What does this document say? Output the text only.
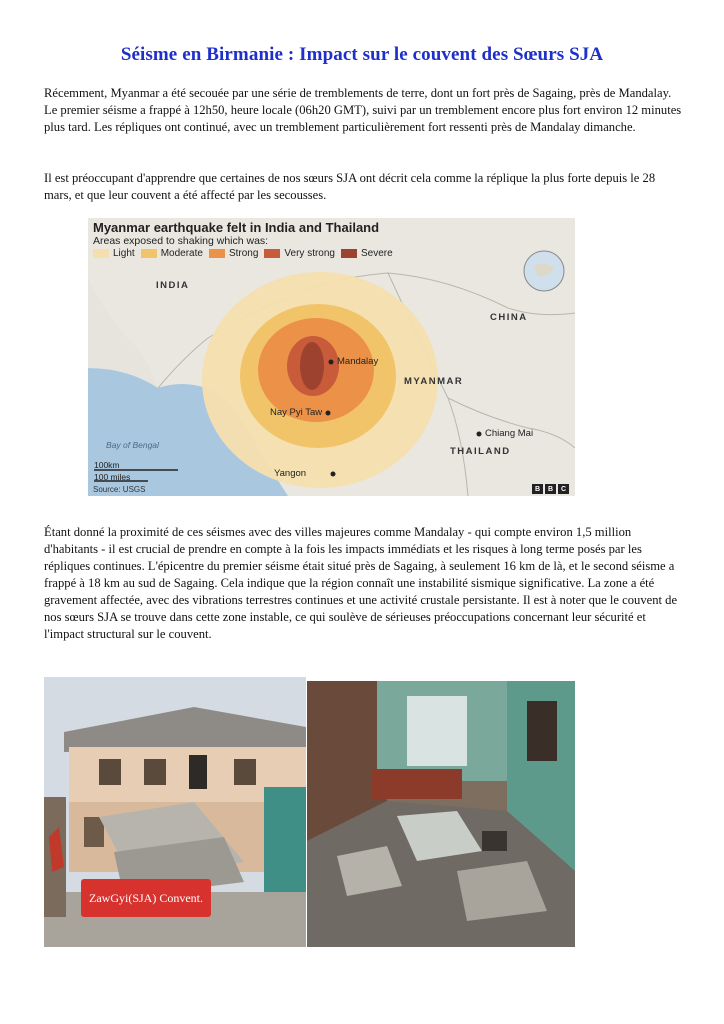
Séisme en Birmanie : Impact sur le couvent des Sœurs SJA

Récemment, Myanmar a été secouée par une série de tremblements de terre, dont un fort près de Sagaing, près de Mandalay. Le premier séisme a frappé à 12h50, heure locale (06h20 GMT), suivi par un tremblement encore plus fort environ 12 minutes plus tard. Les répliques ont continué, avec un tremblement particulièrement fort ressenti près de Mandalay dimanche.

Il est préoccupant d'apprendre que certaines de nos sœurs SJA ont décrit cela comme la réplique la plus forte depuis le 28 mars, et que leur couvent a été affecté par les secousses.

Myanmar earthquake felt in India and Thailand
Areas exposed to shaking which was:
Light	Moderate	Strong	Very strong	Severe
INDIA
CHINA
MYANMAR
THAILAND
Mandalay
Nay Pyi Taw
Chiang Mai
Yangon
Bay of Bengal
100km
100 miles
Source: USGS	B	B	C

Étant donné la proximité de ces séismes avec des villes majeures comme Mandalay - qui compte environ 1,5 million d'habitants - il est crucial de prendre en compte à la fois les impacts immédiats et les risques à long terme posés par les répliques continues. L'épicentre du premier séisme était situé près de Sagaing, à seulement 16 km de là, et le second séisme a frappé à 18 km au sud de Sagaing. Cela indique que la région connaît une instabilité sismique significative. La zone a été gravement affectée, avec des vibrations terrestres continues et une activité crustale persistante. Il est à noter que le couvent de nos sœurs SJA se trouve dans cette zone instable, ce qui soulève de sérieuses préoccupations concernant leur sécurité et l'impact structural sur le couvent.

ZawGyi(SJA) Convent.
